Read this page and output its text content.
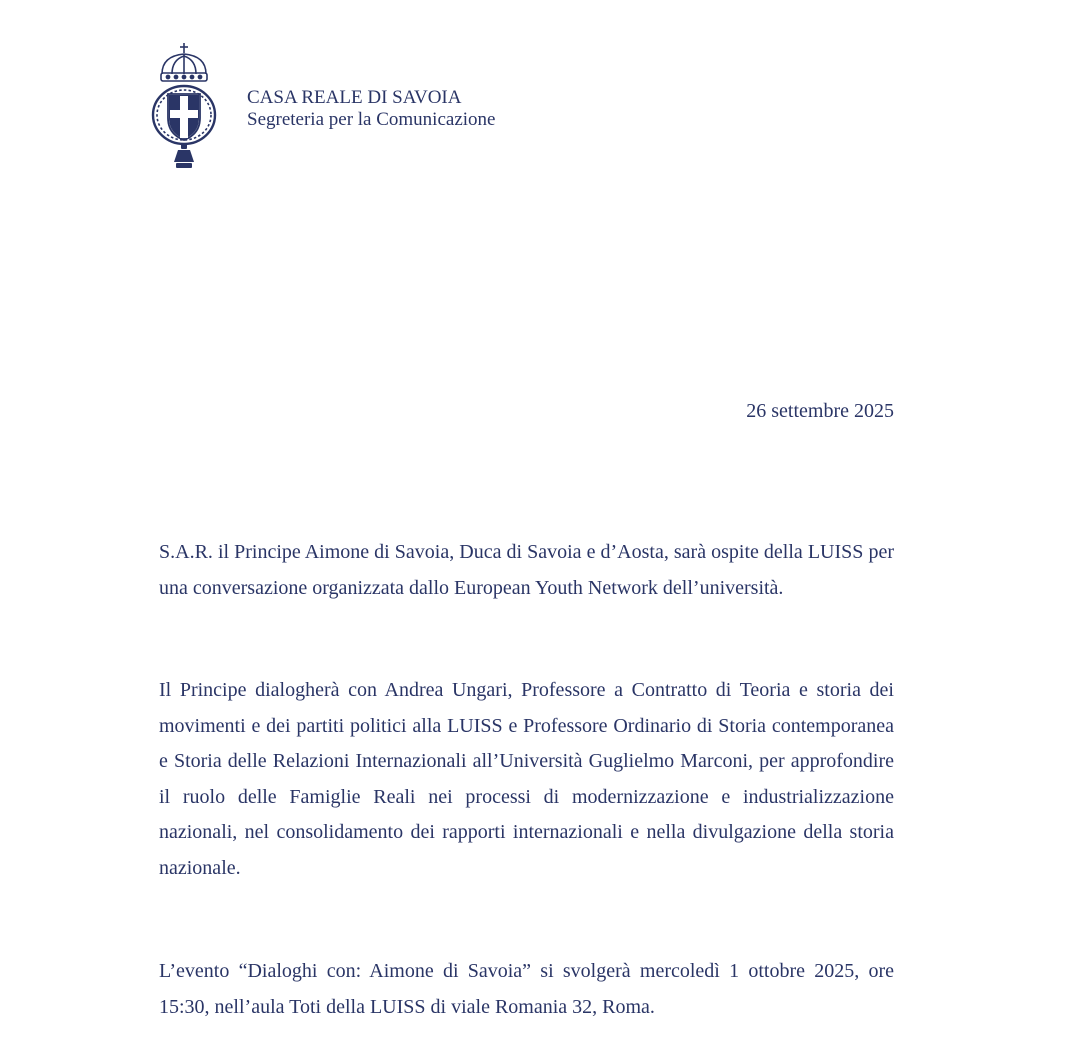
CASA REALE DI SAVOIA
Segreteria per la Comunicazione
26 settembre 2025

S.A.R. il Principe Aimone di Savoia, Duca di Savoia e d’Aosta, sarà ospite della LUISS per una conversazione organizzata dallo European Youth Network dell’università.

Il Principe dialogherà con Andrea Ungari, Professore a Contratto di Teoria e storia dei movimenti e dei partiti politici alla LUISS e Professore Ordinario di Storia contemporanea e Storia delle Relazioni Internazionali all’Università Guglielmo Marconi, per approfondire il ruolo delle Famiglie Reali nei processi di modernizzazione e industrializzazione nazionali, nel consolidamento dei rapporti internazionali e nella divulgazione della storia nazionale.

L’evento “Dialoghi con: Aimone di Savoia” si svolgerà mercoledì 1 ottobre 2025, ore 15:30, nell’aula Toti della LUISS di viale Romania 32, Roma.
